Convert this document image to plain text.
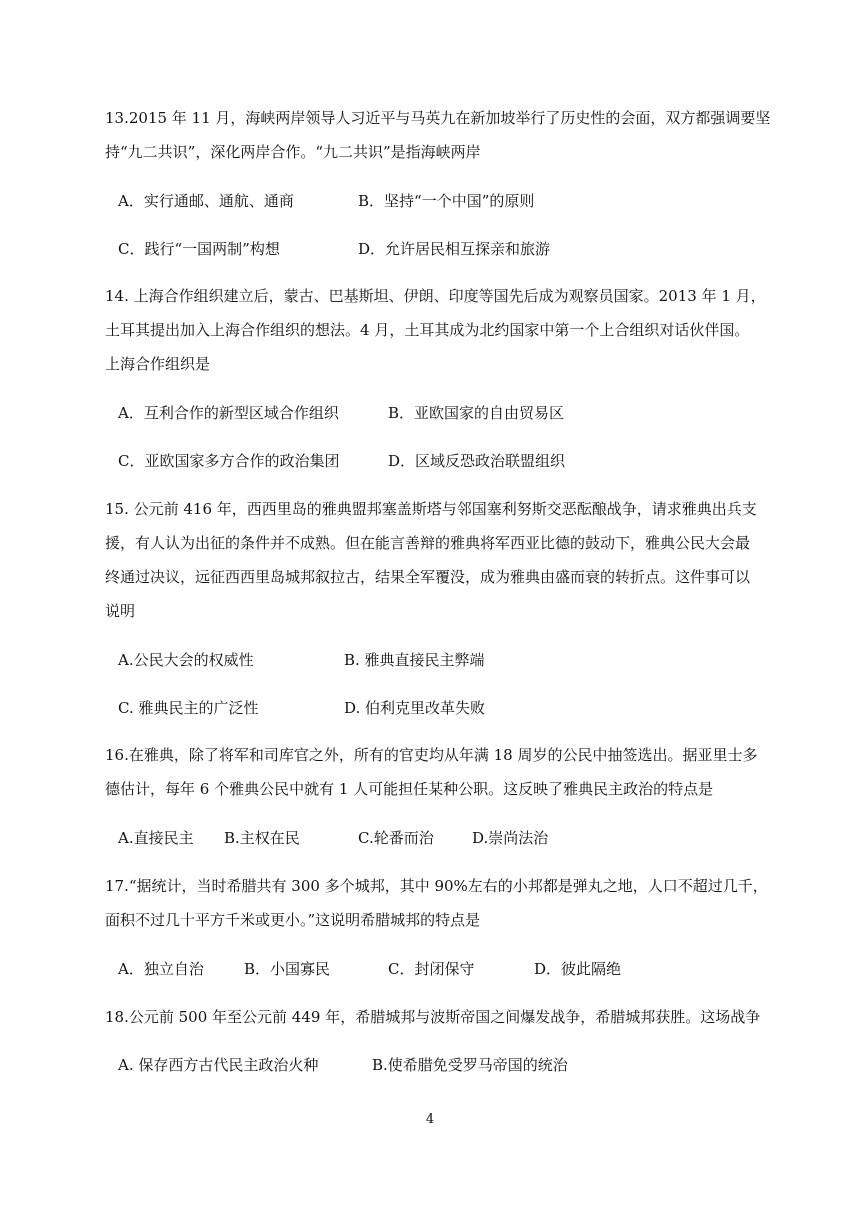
13.2015 年 11 月，海峡两岸领导人习近平与马英九在新加坡举行了历史性的会面，双方都强调要坚
持“九二共识”，深化两岸合作。“九二共识”是指海峡两岸
A．实行通邮、通航、通商	B．坚持“一个中国”的原则
C．践行“一国两制”构想	D．允许居民相互探亲和旅游
14. 上海合作组织建立后，蒙古、巴基斯坦、伊朗、印度等国先后成为观察员国家。2013 年 1 月，
土耳其提出加入上海合作组织的想法。4 月，土耳其成为北约国家中第一个上合组织对话伙伴国。
上海合作组织是
A．互利合作的新型区域合作组织	B．亚欧国家的自由贸易区
C．亚欧国家多方合作的政治集团	D．区域反恐政治联盟组织
15. 公元前 416 年，西西里岛的雅典盟邦塞盖斯塔与邻国塞利努斯交恶酝酿战争，请求雅典出兵支
援，有人认为出征的条件并不成熟。但在能言善辩的雅典将军西亚比德的鼓动下，雅典公民大会最
终通过决议，远征西西里岛城邦叙拉古，结果全军覆没，成为雅典由盛而衰的转折点。这件事可以
说明
A.公民大会的权威性	B. 雅典直接民主弊端
C. 雅典民主的广泛性	D. 伯利克里改革失败
16.在雅典，除了将军和司库官之外，所有的官吏均从年满 18 周岁的公民中抽签选出。据亚里士多
德估计，每年 6 个雅典公民中就有 1 人可能担任某种公职。这反映了雅典民主政治的特点是
A.直接民主 B.主权在民	C.轮番而治	D.崇尚法治
17.“据统计，当时希腊共有 300 多个城邦，其中 90%左右的小邦都是弹丸之地，人口不超过几千，
面积不过几十平方千米或更小。”这说明希腊城邦的特点是
A．独立自治	B．小国寡民	C．封闭保守	D．彼此隔绝
18.公元前 500 年至公元前 449 年，希腊城邦与波斯帝国之间爆发战争，希腊城邦获胜。这场战争
A. 保存西方古代民主政治火种	B.使希腊免受罗马帝国的统治
4
